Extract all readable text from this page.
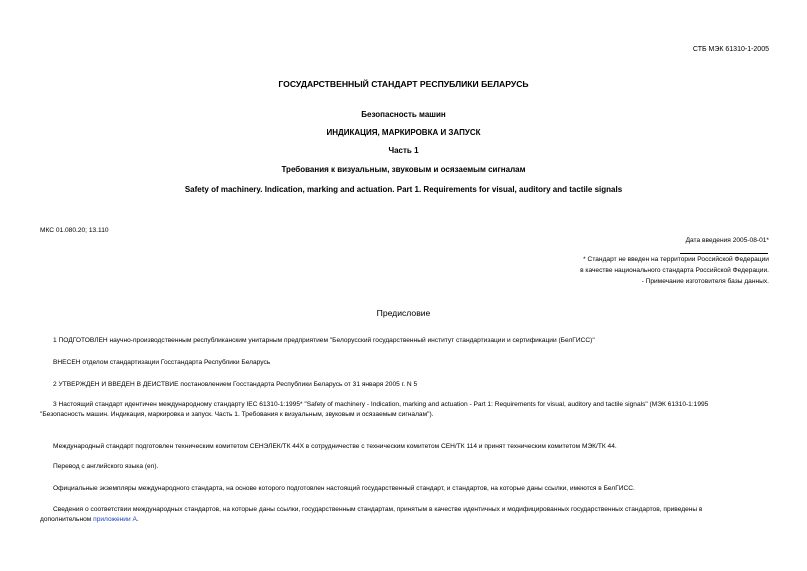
СТБ МЭК 61310-1-2005
ГОСУДАРСТВЕННЫЙ СТАНДАРТ РЕСПУБЛИКИ БЕЛАРУСЬ
Безопасность машин
ИНДИКАЦИЯ, МАРКИРОВКА И ЗАПУСК
Часть 1
Требования к визуальным, звуковым и осязаемым сигналам
Safety of machinery. Indication, marking and actuation. Part 1. Requirements for visual, auditory and tactile signals
МКС 01.080.20; 13.110
Дата введения 2005-08-01*
* Стандарт не введен на территории Российской Федерации
в качестве национального стандарта Российской Федерации.
- Примечание изготовителя базы данных.
Предисловие
1 ПОДГОТОВЛЕН научно-производственным республиканским унитарным предприятием "Белорусский государственный институт стандартизации и сертификации (БелГИСС)"
ВНЕСЕН отделом стандартизации Госстандарта Республики Беларусь
2 УТВЕРЖДЕН И ВВЕДЕН В ДЕЙСТВИЕ постановлением Госстандарта Республики Беларусь от 31 января 2005 г. N 5
3 Настоящий стандарт идентичен международному стандарту IEC 61310-1:1995* "Safety of machinery - Indication, marking and actuation - Part 1: Requirements for visual, auditory and tactile signals" (МЭК 61310-1:1995
"Безопасность машин. Индикация, маркировка и запуск. Часть 1. Требования к визуальным, звуковым и осязаемым сигналам").
Международный стандарт подготовлен техническим комитетом СЕНЭЛЕК/ТК 44Х в сотрудничестве с техническим комитетом СЕН/ТК 114 и принят техническим комитетом МЭК/ТК 44.
Перевод с английского языка (en).
Официальные экземпляры международного стандарта, на основе которого подготовлен настоящий государственный стандарт, и стандартов, на которые даны ссылки, имеются в БелГИСС.
Сведения о соответствии международных стандартов, на которые даны ссылки, государственным стандартам, принятым в качестве идентичных и модифицированных государственных стандартов, приведены в
дополнительном приложении А.
